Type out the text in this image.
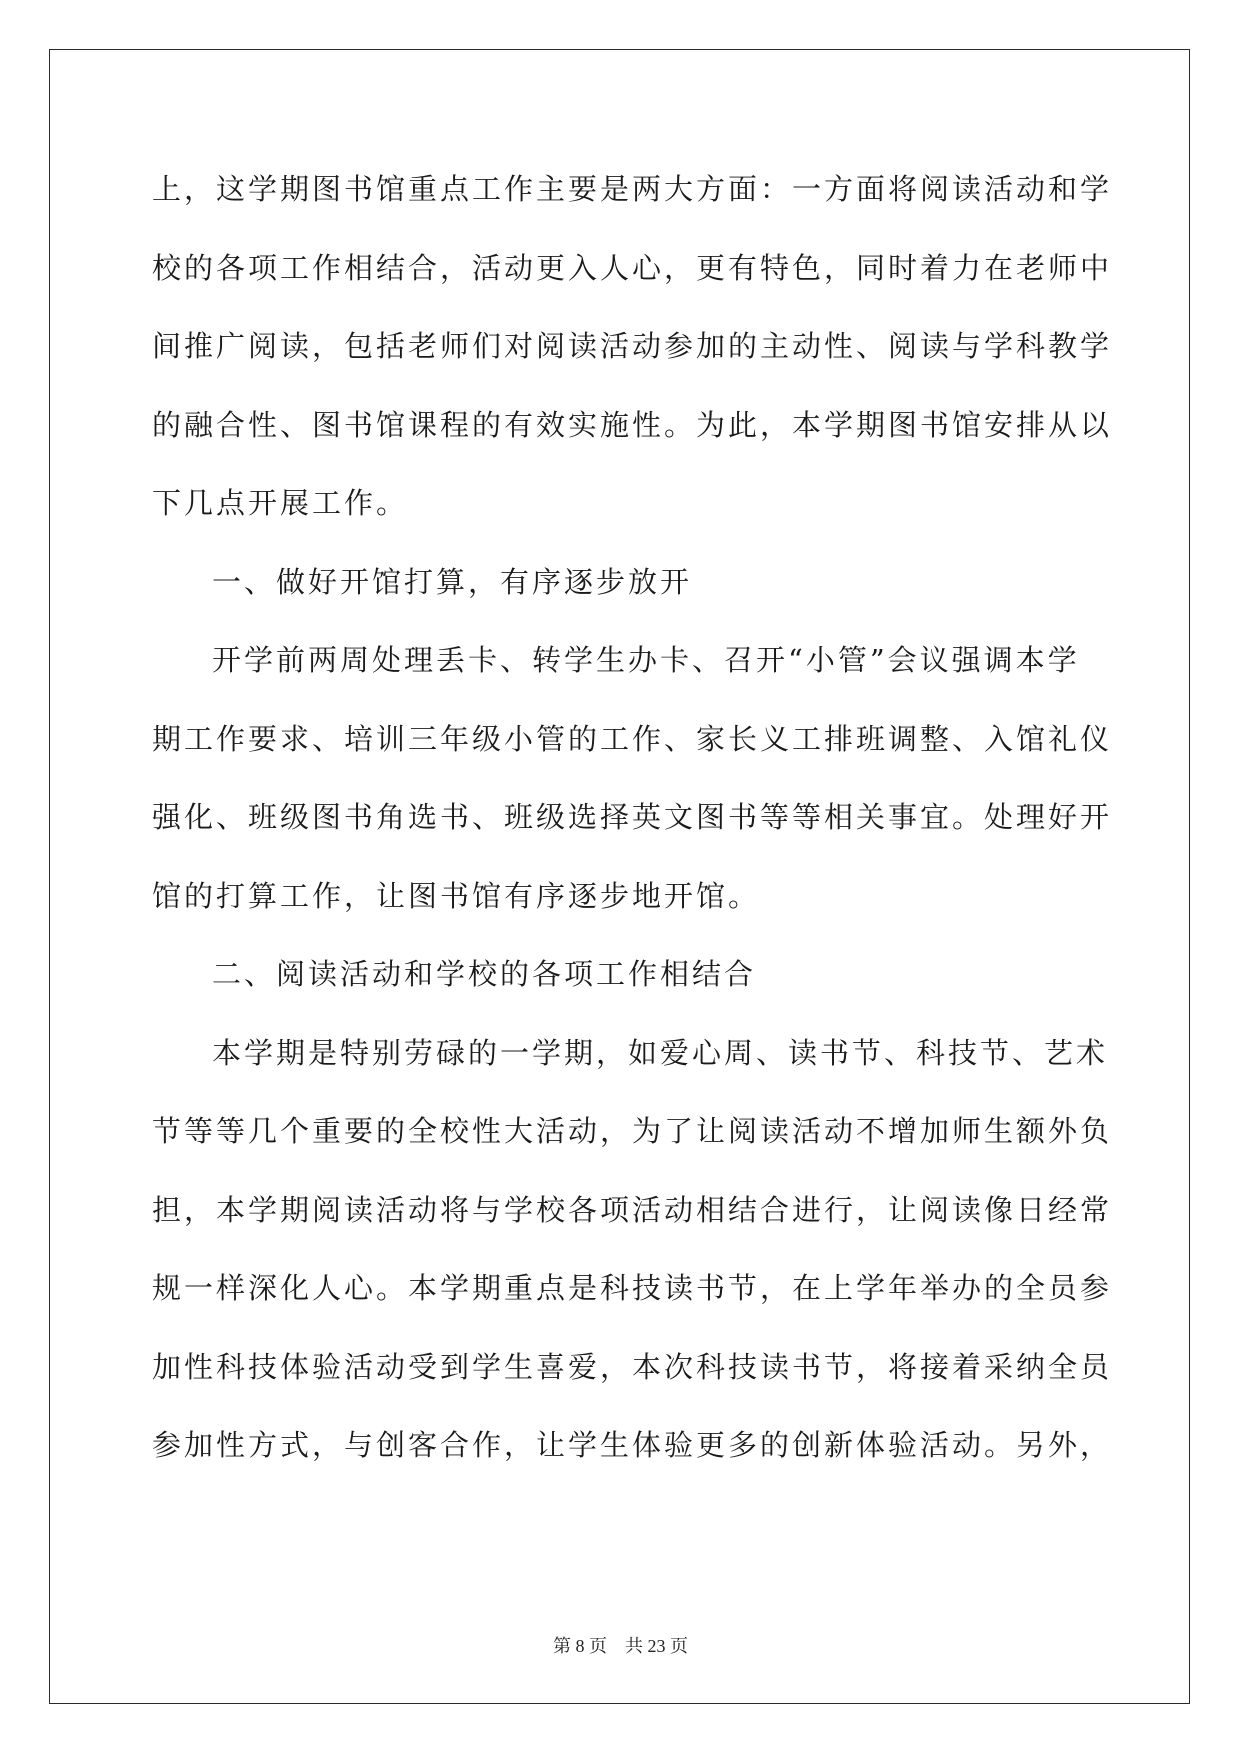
上，这学期图书馆重点工作主要是两大方面：一方面将阅读活动和学
校的各项工作相结合，活动更入人心，更有特色，同时着力在老师中
间推广阅读，包括老师们对阅读活动参加的主动性、阅读与学科教学
的融合性、图书馆课程的有效实施性。为此，本学期图书馆安排从以
下几点开展工作。
一、做好开馆打算，有序逐步放开
开学前两周处理丢卡、转学生办卡、召开“小管”会议强调本学
期工作要求、培训三年级小管的工作、家长义工排班调整、入馆礼仪
强化、班级图书角选书、班级选择英文图书等等相关事宜。处理好开
馆的打算工作，让图书馆有序逐步地开馆。
二、阅读活动和学校的各项工作相结合
本学期是特别劳碌的一学期，如爱心周、读书节、科技节、艺术
节等等几个重要的全校性大活动，为了让阅读活动不增加师生额外负
担，本学期阅读活动将与学校各项活动相结合进行，让阅读像日经常
规一样深化人心。本学期重点是科技读书节，在上学年举办的全员参
加性科技体验活动受到学生喜爱，本次科技读书节，将接着采纳全员
参加性方式，与创客合作，让学生体验更多的创新体验活动。另外，
第 8 页 共 23 页
